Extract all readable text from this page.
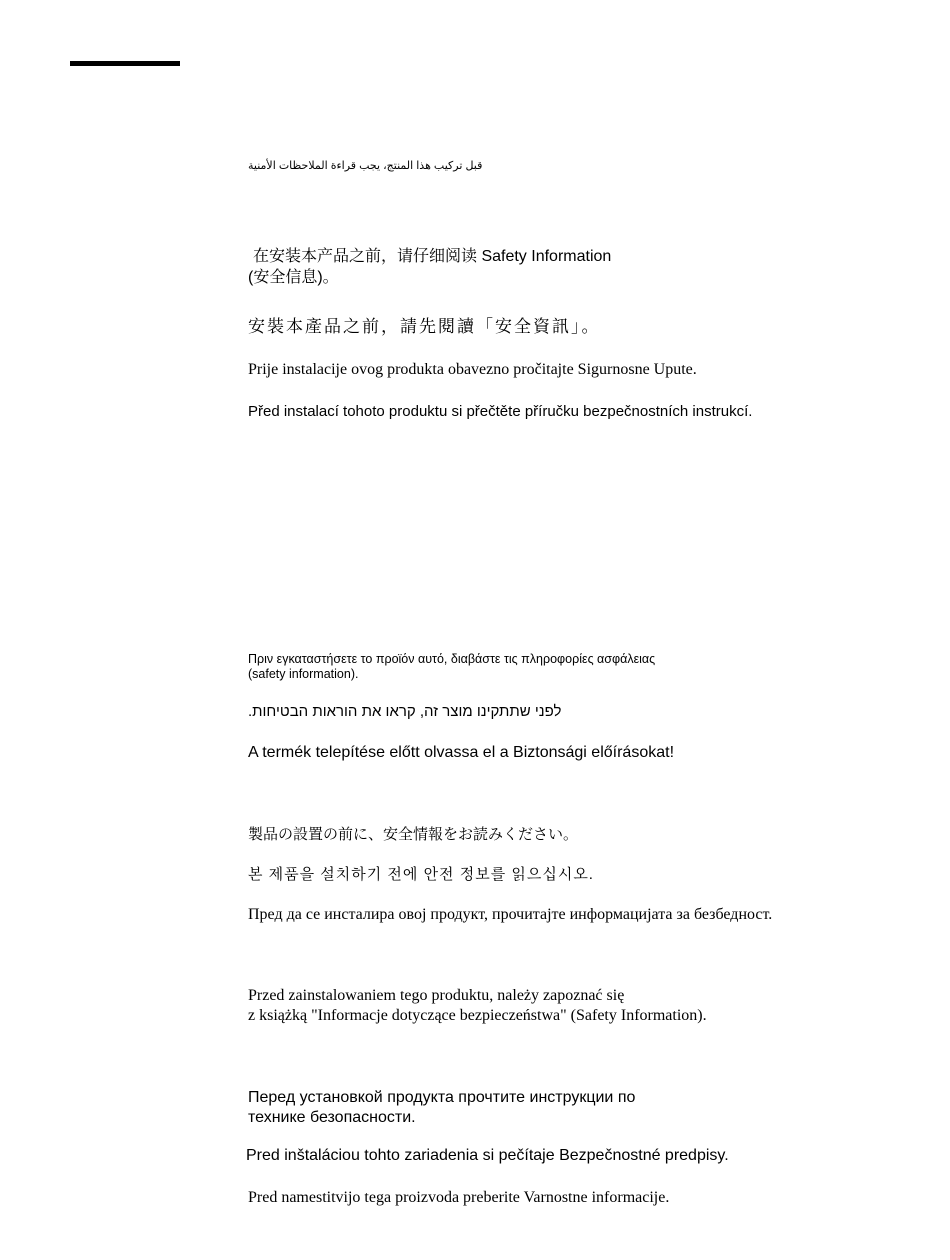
قبل تركيب هذا المنتج، يجب قراءة الملاحظات الأمنية
在安装本产品之前，请仔细阅读 Safety Information
(安全信息)。
安裝本產品之前，請先閱讀「安全資訊」。
Prije instalacije ovog produkta obavezno pročitajte Sigurnosne Upute.
Před instalací tohoto produktu si přečtěte příručku bezpečnostních instrukcí.
Πριν εγκαταστήσετε το προϊόν αυτό, διαβάστε τις πληροφορίες ασφάλειας
(safety information).
לפני שתתקינו מוצר זה, קראו את הוראות הבטיחות.
A termék telepítése előtt olvassa el a Biztonsági előírásokat!
製品の設置の前に、安全情報をお読みください。
본 제품을 설치하기 전에 안전 정보를 읽으십시오.
Пред да се инсталира овој продукт, прочитајте информацијата за безбедност.
Przed zainstalowaniem tego produktu, należy zapoznać się
z książką "Informacje dotyczące bezpieczeństwa" (Safety Information).
Перед установкой продукта прочтите инструкции по
технике безопасности.
Pred inštaláciou tohto zariadenia si pečítaje Bezpečnostné predpisy.
Pred namestitvijo tega proizvoda preberite Varnostne informacije.
